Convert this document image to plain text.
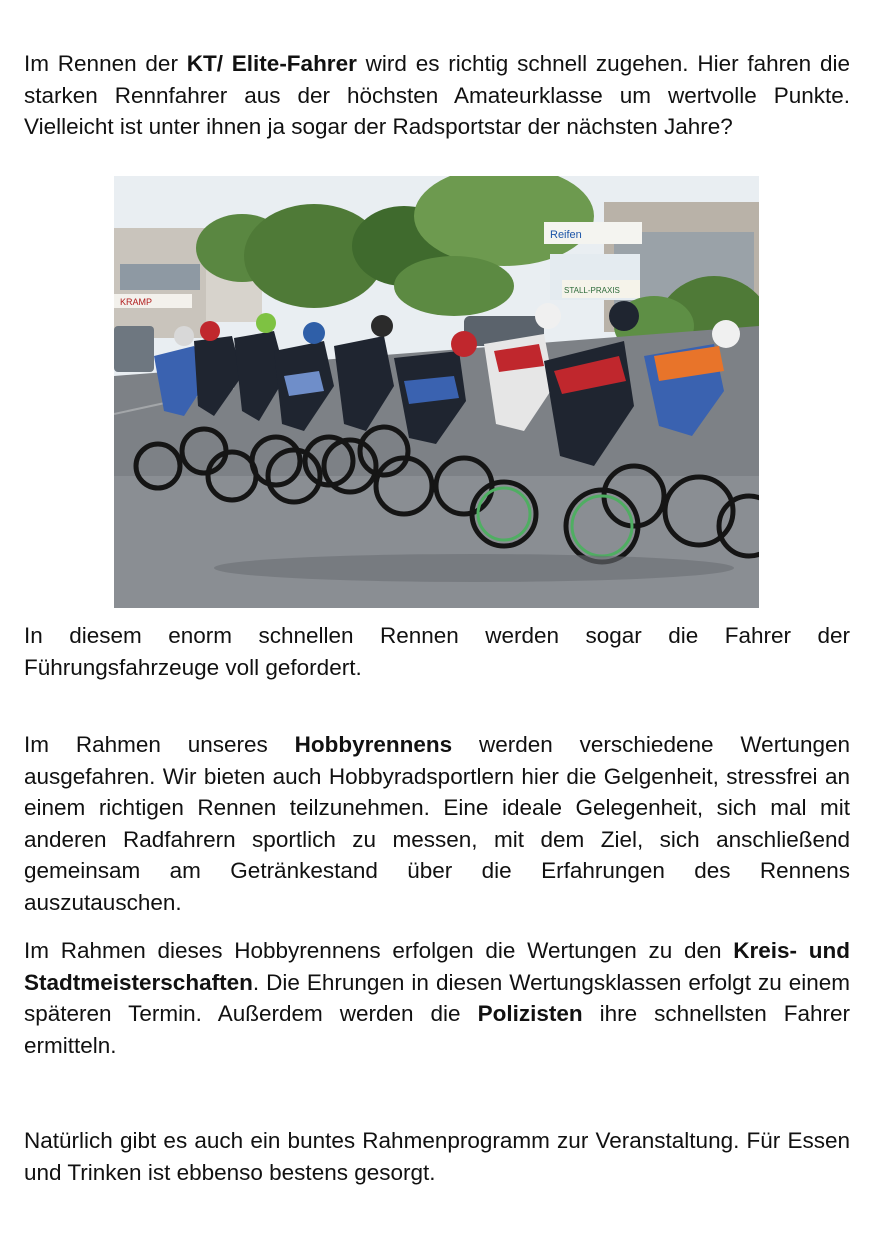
Im Rennen der KT/ Elite-Fahrer wird es richtig schnell zugehen. Hier fahren die starken Rennfahrer aus der höchsten Amateurklasse um wertvolle Punkte. Vielleicht ist unter ihnen ja sogar der Radsportstar der nächsten Jahre?

KRAMP
Reifen
STALL-PRAXIS

In diesem enorm schnellen Rennen werden sogar die Fahrer der Führungsfahrzeuge voll gefordert.

Im Rahmen unseres Hobbyrennens werden verschiedene Wertungen ausgefahren. Wir bieten auch Hobbyradsportlern hier die Gelgenheit, stressfrei an einem richtigen Rennen teilzunehmen. Eine ideale Gelegenheit, sich mal mit anderen Radfahrern sportlich zu messen, mit dem Ziel, sich anschließend gemeinsam am Getränkestand über die Erfahrungen des Rennens auszutauschen.

Im Rahmen dieses Hobbyrennens erfolgen die Wertungen zu den Kreis- und Stadtmeisterschaften. Die Ehrungen in diesen Wertungsklassen erfolgt zu einem späteren Termin. Außerdem werden die Polizisten ihre schnellsten Fahrer ermitteln.

Natürlich gibt es auch ein buntes Rahmenprogramm zur Veranstaltung. Für Essen und Trinken ist ebbenso bestens gesorgt.
